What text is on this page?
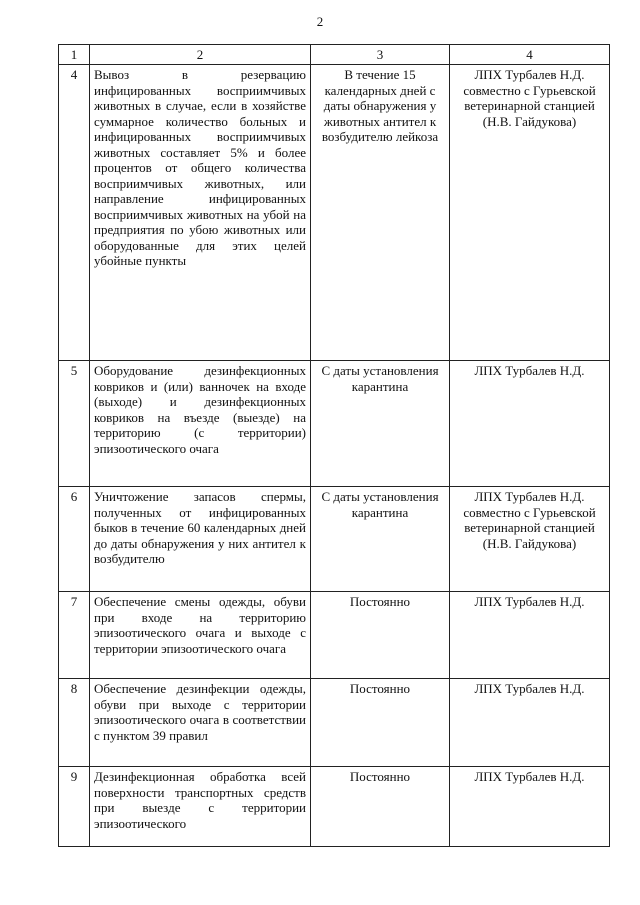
2
1	2	3	4
4	Вывоз в резервацию инфицированных восприимчивых животных в случае, если в хозяйстве суммарное количество больных и инфицированных восприимчивых животных составляет 5% и более процентов от общего количества восприимчивых животных, или направление инфицированных восприимчивых животных на убой на предприятия по убою животных или оборудованные для этих целей убойные пункты	В течение 15 календарных дней с даты обнаружения у животных антител к возбудителю лейкоза	ЛПХ Турбалев Н.Д. совместно с Гурьевской ветеринарной станцией (Н.В. Гайдукова)
5	Оборудование дезинфекционных ковриков и (или) ванночек на входе (выходе) и дезинфекционных ковриков на въезде (выезде) на территорию (с территории) эпизоотического очага	С даты установления карантина	ЛПХ Турбалев Н.Д.
6	Уничтожение запасов спермы, полученных от инфицированных быков в течение 60 календарных дней до даты обнаружения у них антител к возбудителю	С даты установления карантина	ЛПХ Турбалев Н.Д. совместно с Гурьевской ветеринарной станцией (Н.В. Гайдукова)
7	Обеспечение смены одежды, обуви при входе на территорию эпизоотического очага и выходе с территории эпизоотического очага	Постоянно	ЛПХ Турбалев Н.Д.
8	Обеспечение дезинфекции одежды, обуви при выходе с территории эпизоотического очага в соответствии с пунктом 39 правил	Постоянно	ЛПХ Турбалев Н.Д.
9	Дезинфекционная обработка всей поверхности транспортных средств при выезде с территории эпизоотического	Постоянно	ЛПХ Турбалев Н.Д.
